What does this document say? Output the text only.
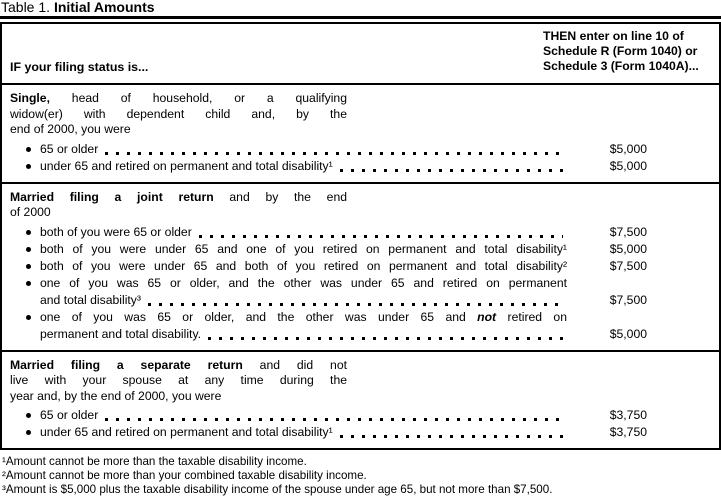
Table 1. Initial Amounts
IF your filing status is...
THEN enter on line 10 of
Schedule R (Form 1040) or
Schedule 3 (Form 1040A)...
Single, head of household, or a qualifying
widow(er) with dependent child and, by the
end of 2000, you were
65 or older	$5,000
under 65 and retired on permanent and total disability¹	$5,000
Married filing a joint return and by the end
of 2000
both of you were 65 or older	$7,500
both of you were under 65 and one of you retired on permanent and total disability¹	$5,000
both of you were under 65 and both of you retired on permanent and total disability²	$7,500
one of you was 65 or older, and the other was under 65 and retired on permanent
and total disability³	$7,500
one of you was 65 or older, and the other was under 65 and not retired on
permanent and total disability.	$5,000
Married filing a separate return and did not
live with your spouse at any time during the
year and, by the end of 2000, you were
65 or older	$3,750
under 65 and retired on permanent and total disability¹	$3,750
¹Amount cannot be more than the taxable disability income.
²Amount cannot be more than your combined taxable disability income.
³Amount is $5,000 plus the taxable disability income of the spouse under age 65, but not more than $7,500.
